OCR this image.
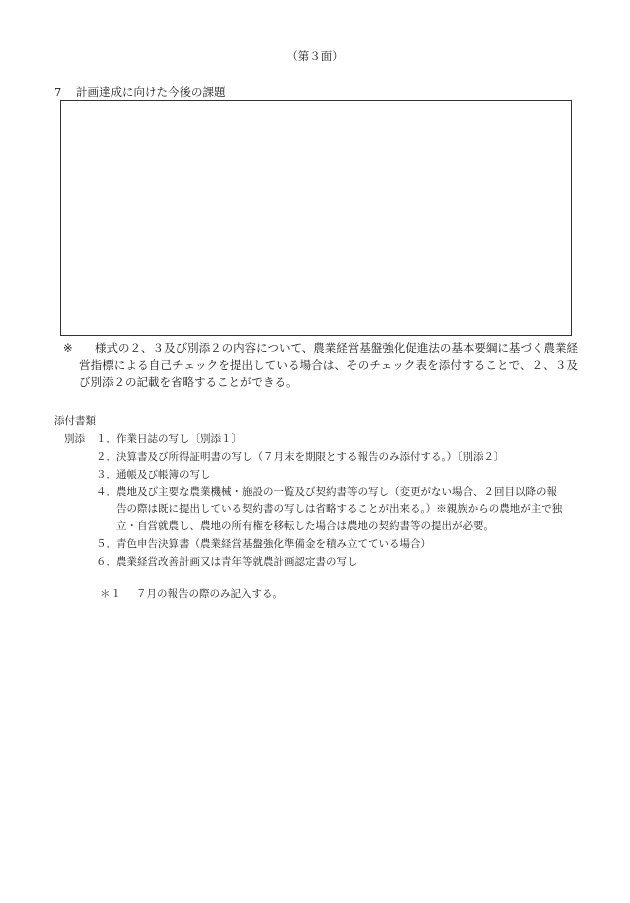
（第３面）
7 計画達成に向けた今後の課題
※	様式の２、３及び別添２の内容について、農業経営基盤強化促進法の基本要綱に基づく農業経営指標による自己チェックを提出している場合は、そのチェック表を添付することで、２、３及び別添２の記載を省略することができる。
添付書類
別添 １． 作業日誌の写し〔別添１〕
２． 決算書及び所得証明書の写し（７月末を期限とする報告のみ添付する。）〔別添２〕
３． 通帳及び帳簿の写し
４． 農地及び主要な農業機械・施設の一覧及び契約書等の写し（変更がない場合、２回目以降の報告の際は既に提出している契約書の写しは省略することが出来る。）※親族からの農地が主で独立・自営就農し、農地の所有権を移転した場合は農地の契約書等の提出が必要。
５． 青色申告決算書（農業経営基盤強化準備金を積み立てている場合）
６． 農業経営改善計画又は青年等就農計画認定書の写し
＊１ ７月の報告の際のみ記入する。
